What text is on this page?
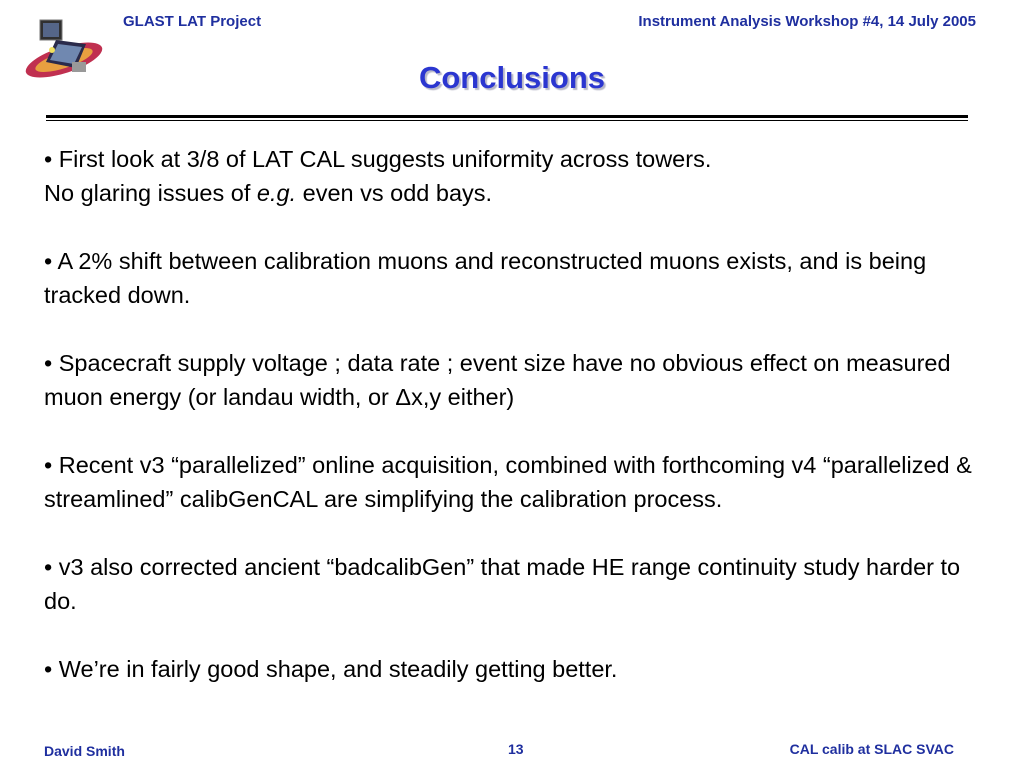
GLAST LAT Project	Instrument Analysis Workshop #4, 14 July 2005
Conclusions

• First look at 3/8 of LAT CAL suggests uniformity across towers.
No glaring issues of e.g. even vs odd bays.

• A 2% shift between calibration muons and reconstructed muons exists, and is being tracked down.

• Spacecraft supply voltage ; data rate ; event size have no obvious effect on measured muon energy (or landau width, or Δx,y either)

• Recent v3 “parallelized” online acquisition, combined with forthcoming v4 “parallelized & streamlined” calibGenCAL are simplifying the calibration process.

• v3 also corrected ancient “badcalibGen” that made HE range continuity study harder to do.

• We’re in fairly good shape, and steadily getting better.

David Smith	13	CAL calib at SLAC SVAC
